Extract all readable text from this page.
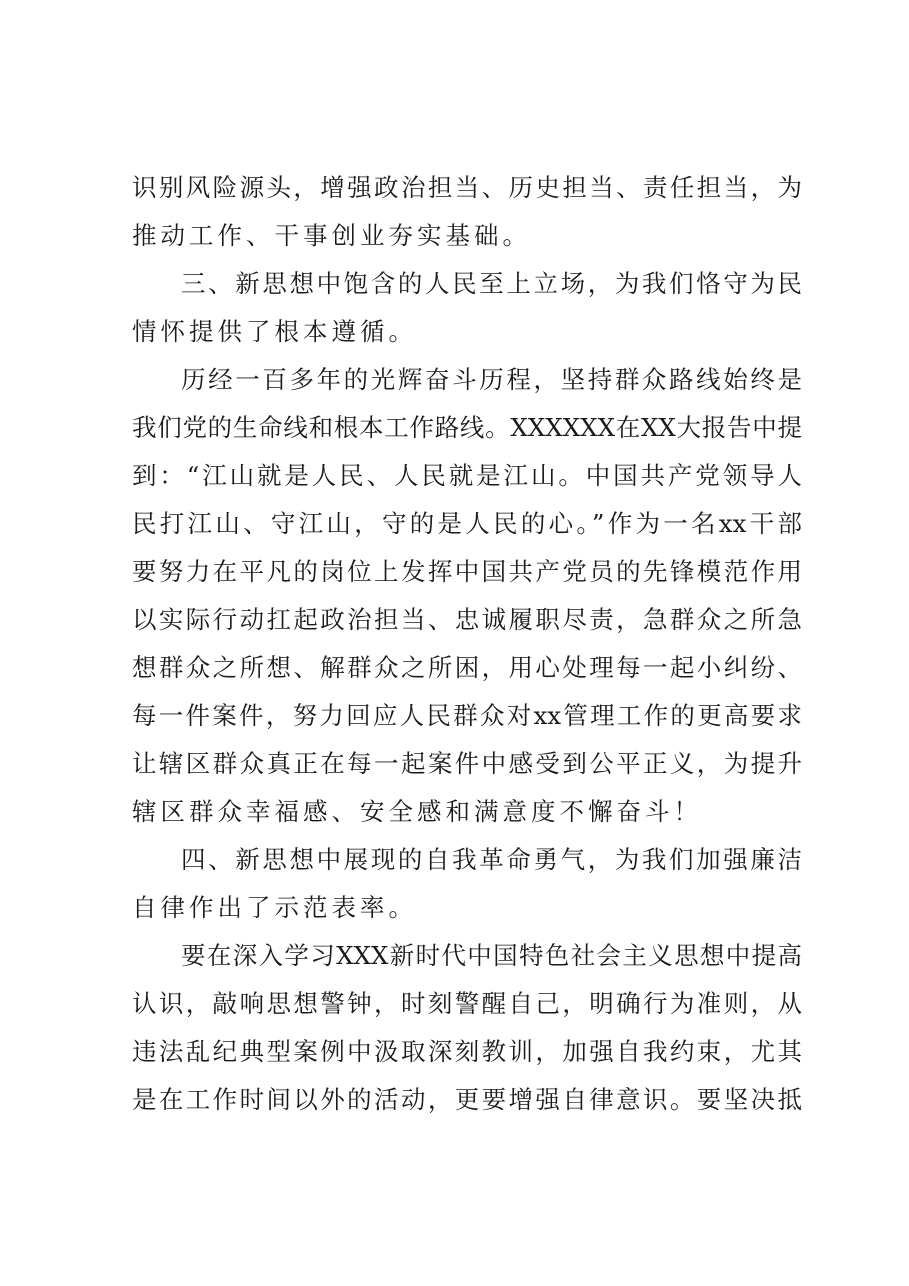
识别风险源头，增强政治担当、历史担当、责任担当，为
推动工作、干事创业夯实基础。
三、新思想中饱含的人民至上立场，为我们恪守为民
情怀提供了根本遵循。
历经一百多年的光辉奋斗历程，坚持群众路线始终是
我们党的生命线和根本工作路线。XXXXXX在XX大报告中提
到：“江山就是人民、人民就是江山。中国共产党领导人
民打江山、守江山，守的是人民的心。”作为一名xx干部
要努力在平凡的岗位上发挥中国共产党员的先锋模范作用
以实际行动扛起政治担当、忠诚履职尽责，急群众之所急
想群众之所想、解群众之所困，用心处理每一起小纠纷、
每一件案件，努力回应人民群众对xx管理工作的更高要求
让辖区群众真正在每一起案件中感受到公平正义，为提升
辖区群众幸福感、安全感和满意度不懈奋斗！
四、新思想中展现的自我革命勇气，为我们加强廉洁
自律作出了示范表率。
要在深入学习XXX新时代中国特色社会主义思想中提高
认识，敲响思想警钟，时刻警醒自己，明确行为准则，从
违法乱纪典型案例中汲取深刻教训，加强自我约束，尤其
是在工作时间以外的活动，更要增强自律意识。要坚决抵
